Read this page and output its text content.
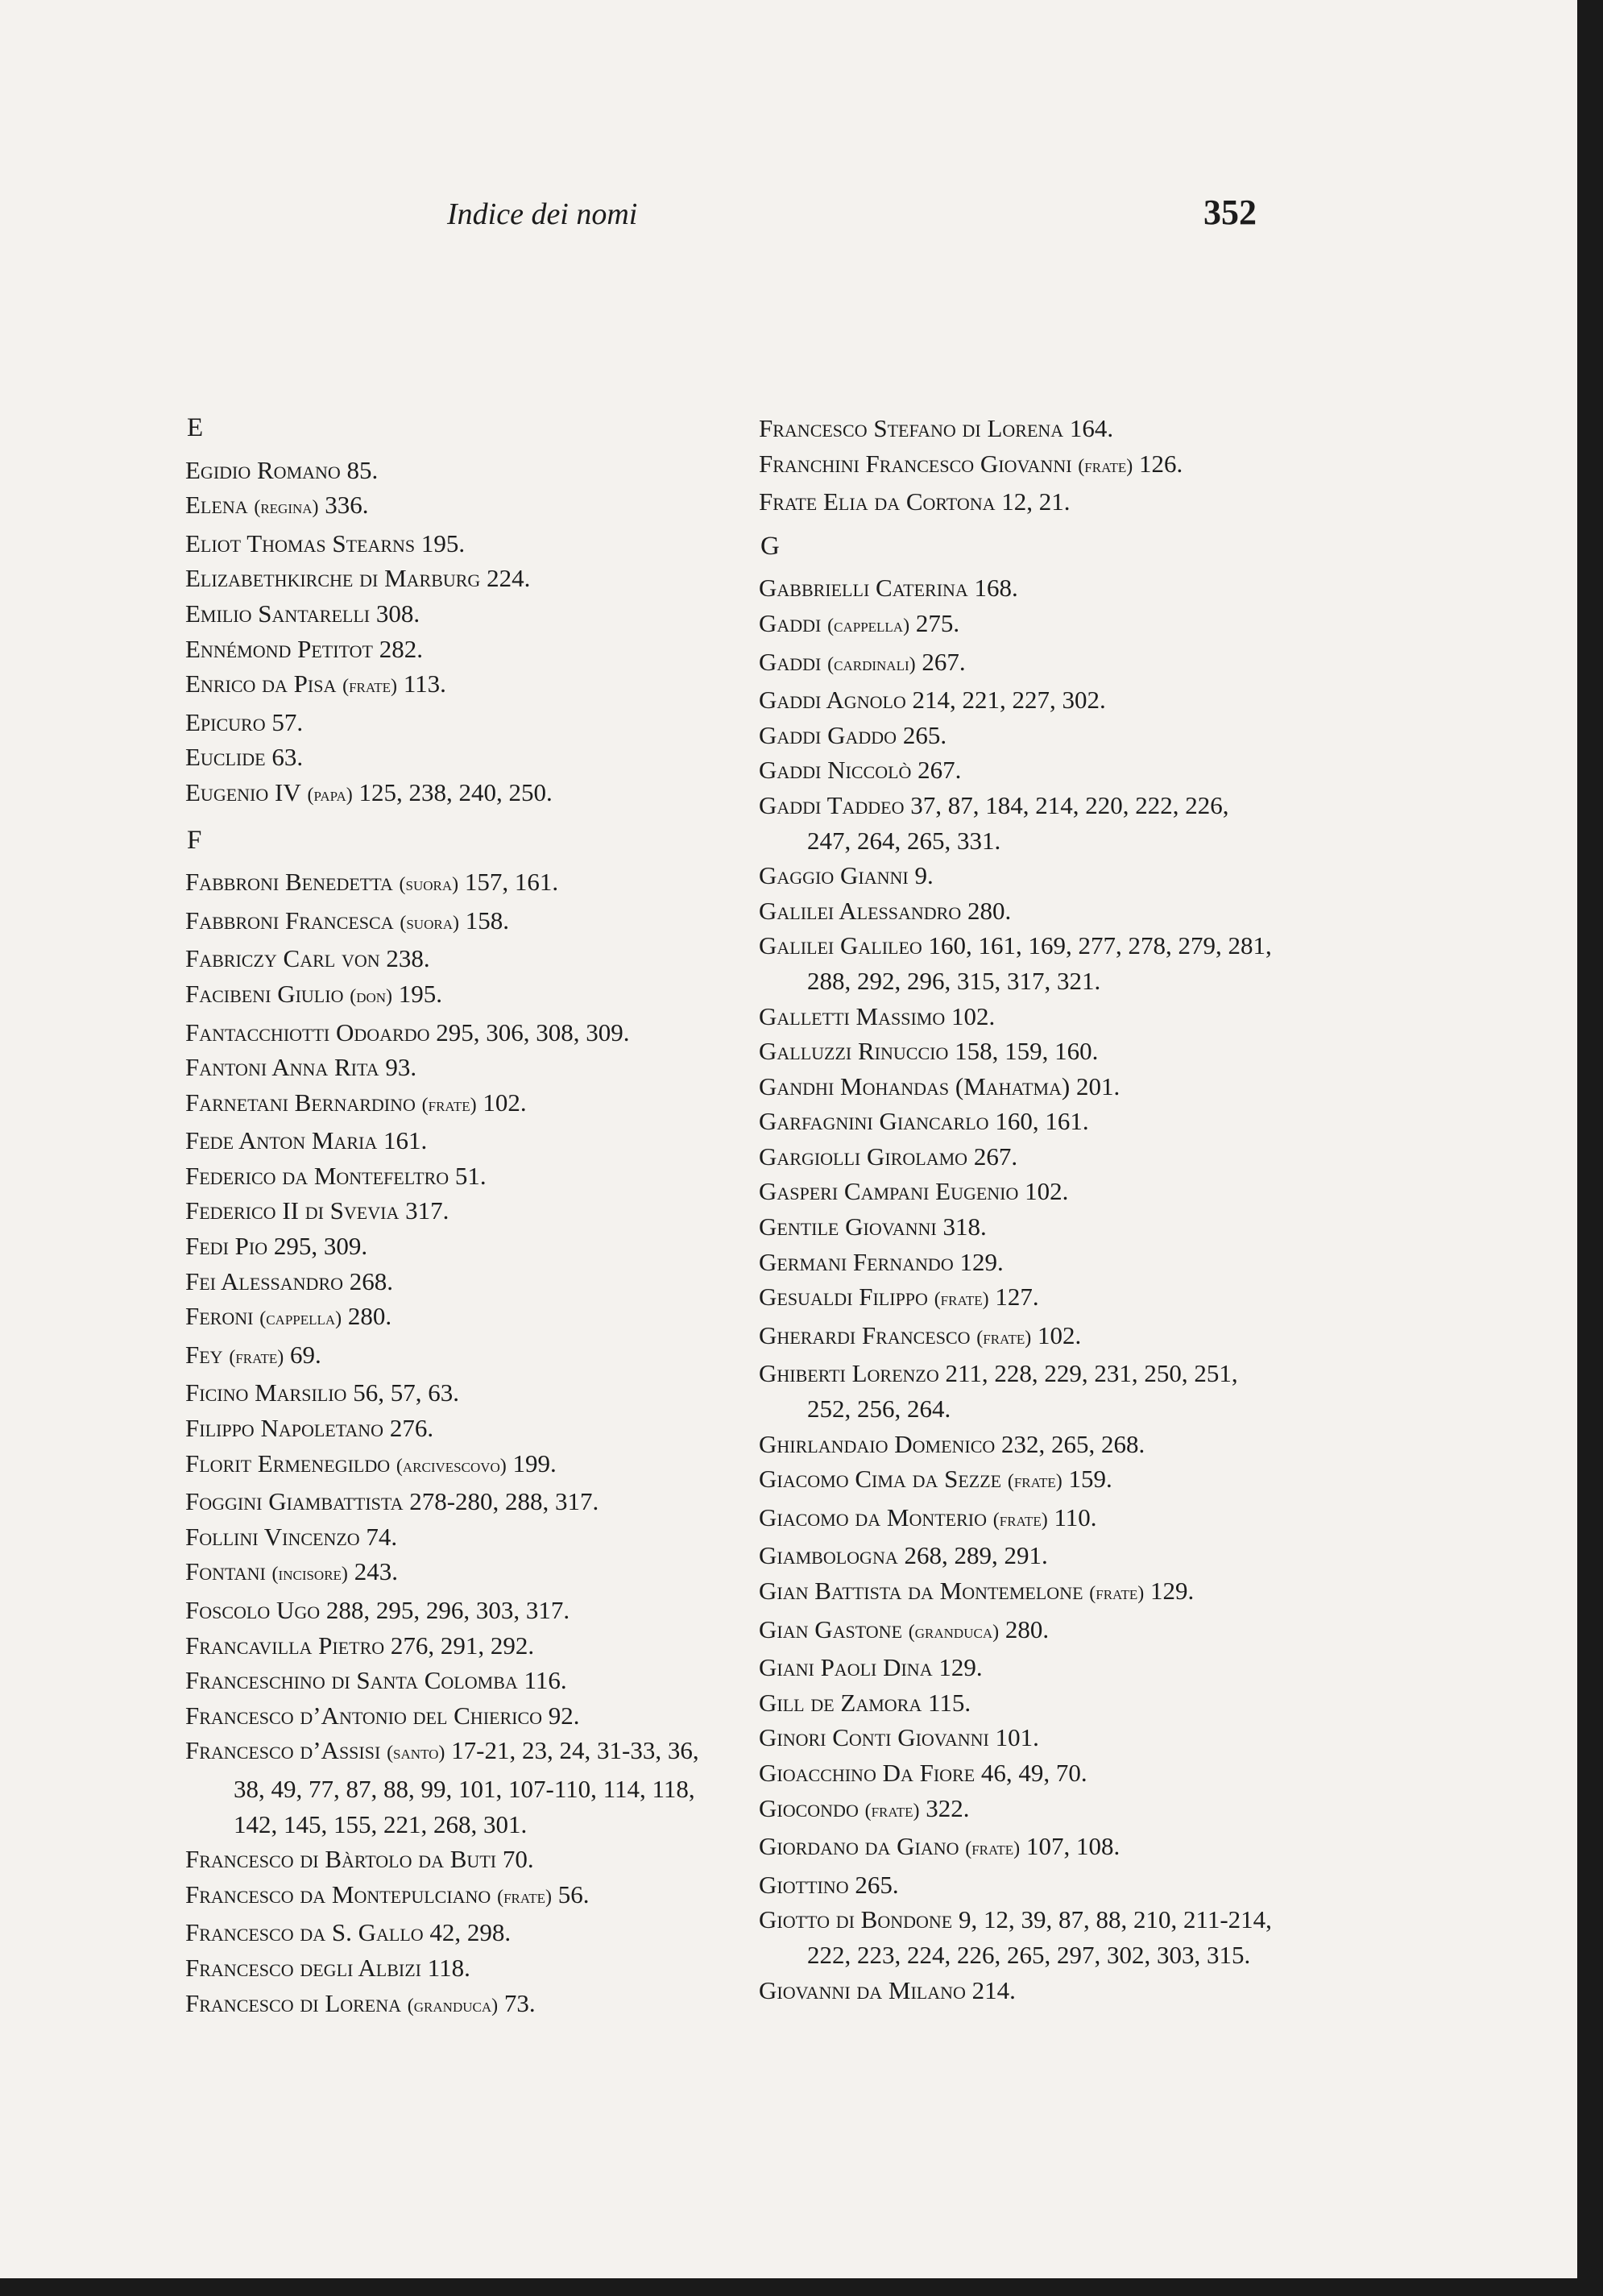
Indice dei nomi	352
E

Egidio Romano 85.

Elena (regina) 336.

Eliot Thomas Stearns 195.

Elizabethkirche di Marburg 224.

Emilio Santarelli 308.

Ennémond Petitot 282.

Enrico da Pisa (frate) 113.

Epicuro 57.

Euclide 63.

Eugenio IV (papa) 125, 238, 240, 250.

F

Fabbroni Benedetta (suora) 157, 161.

Fabbroni Francesca (suora) 158.

Fabriczy Carl von 238.

Facibeni Giulio (don) 195.

Fantacchiotti Odoardo 295, 306, 308, 309.

Fantoni Anna Rita 93.

Farnetani Bernardino (frate) 102.

Fede Anton Maria 161.

Federico da Montefeltro 51.

Federico II di Svevia 317.

Fedi Pio 295, 309.

Fei Alessandro 268.

Feroni (cappella) 280.

Fey (frate) 69.

Ficino Marsilio 56, 57, 63.

Filippo Napoletano 276.

Florit Ermenegildo (arcivescovo) 199.

Foggini Giambattista 278-280, 288, 317.

Follini Vincenzo 74.

Fontani (incisore) 243.

Foscolo Ugo 288, 295, 296, 303, 317.

Francavilla Pietro 276, 291, 292.

Franceschino di Santa Colomba 116.

Francesco d’Antonio del Chierico 92.

Francesco d’Assisi (santo) 17-21, 23, 24, 31-33, 36, 38, 49, 77, 87, 88, 99, 101, 107-110, 114, 118, 142, 145, 155, 221, 268, 301.

Francesco di Bàrtolo da Buti 70.

Francesco da Montepulciano (frate) 56.

Francesco da S. Gallo 42, 298.

Francesco degli Albizi 118.

Francesco di Lorena (granduca) 73.

Francesco Stefano di Lorena 164.

Franchini Francesco Giovanni (frate) 126.

Frate Elia da Cortona 12, 21.

G

Gabbrielli Caterina 168.

Gaddi (cappella) 275.

Gaddi (cardinali) 267.

Gaddi Agnolo 214, 221, 227, 302.

Gaddi Gaddo 265.

Gaddi Niccolò 267.

Gaddi Taddeo 37, 87, 184, 214, 220, 222, 226, 247, 264, 265, 331.

Gaggio Gianni 9.

Galilei Alessandro 280.

Galilei Galileo 160, 161, 169, 277, 278, 279, 281, 288, 292, 296, 315, 317, 321.

Galletti Massimo 102.

Galluzzi Rinuccio 158, 159, 160.

Gandhi Mohandas (Mahatma) 201.

Garfagnini Giancarlo 160, 161.

Gargiolli Girolamo 267.

Gasperi Campani Eugenio 102.

Gentile Giovanni 318.

Germani Fernando 129.

Gesualdi Filippo (frate) 127.

Gherardi Francesco (frate) 102.

Ghiberti Lorenzo 211, 228, 229, 231, 250, 251, 252, 256, 264.

Ghirlandaio Domenico 232, 265, 268.

Giacomo Cima da Sezze (frate) 159.

Giacomo da Monterio (frate) 110.

Giambologna 268, 289, 291.

Gian Battista da Montemelone (frate) 129.

Gian Gastone (granduca) 280.

Giani Paoli Dina 129.

Gill de Zamora 115.

Ginori Conti Giovanni 101.

Gioacchino Da Fiore 46, 49, 70.

Giocondo (frate) 322.

Giordano da Giano (frate) 107, 108.

Giottino 265.

Giotto di Bondone 9, 12, 39, 87, 88, 210, 211-214, 222, 223, 224, 226, 265, 297, 302, 303, 315.

Giovanni da Milano 214.
